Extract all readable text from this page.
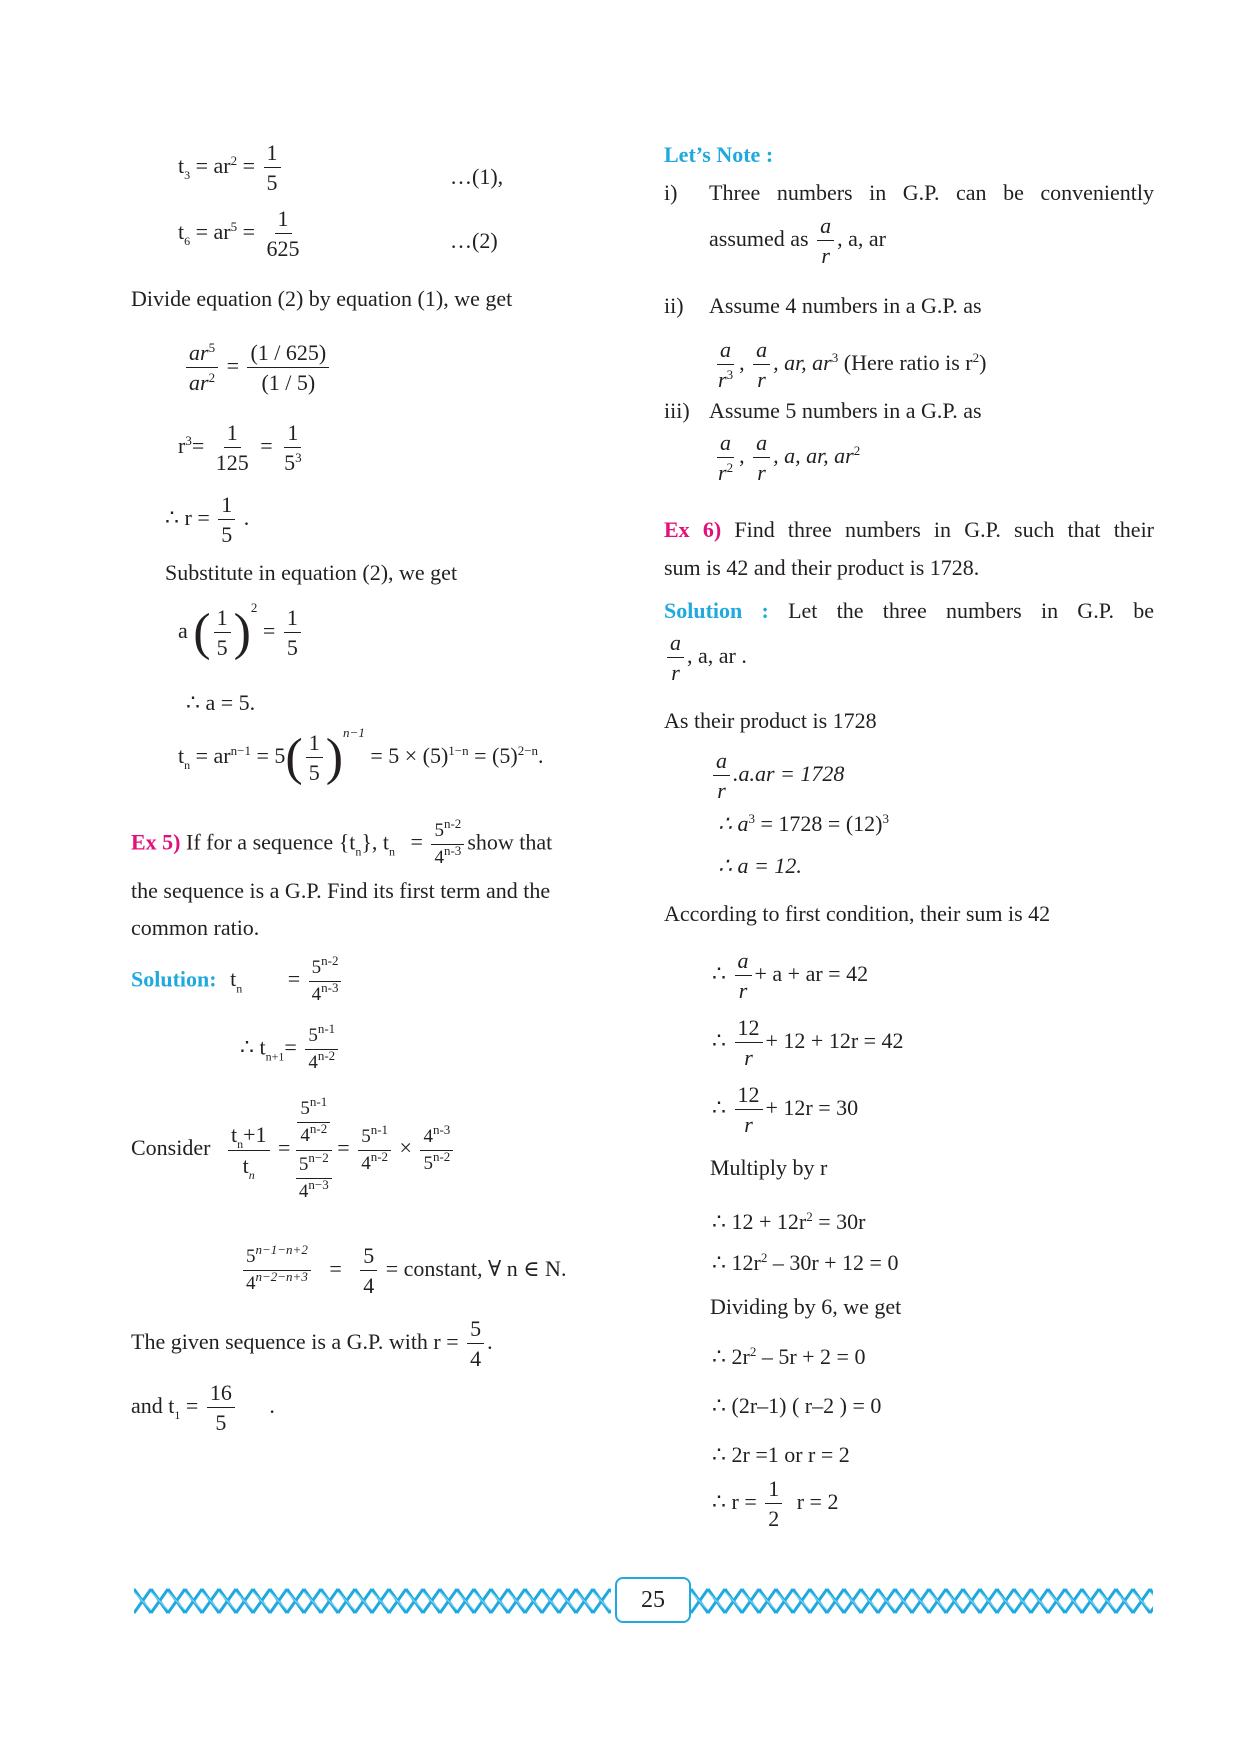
$t_3 = ar^2 = \frac{1}{5}$	…(1),
$t_6 = ar^5 = \frac{1}{625}$	…(2)
Divide equation (2) by equation (1), we get
$\frac{ar^5}{ar^2} = \frac{(1 / 625)}{(1 / 5)}$
$r^3= \frac{1}{125} = \frac{1}{5^3}$
∴ $r = \frac{1}{5}$ .
Substitute in equation (2), we get
a ( $\frac{1}{5} )^2 = \frac{1}{5}$
∴ a = 5.
$t_n = ar^{n-1} = 5( \frac{1}{5} )^{n-1} = 5 \times (5)^{1-n} = (5)^{2-n}$.
Ex 5) If for a sequence $\{t_n\}$, $t_n = \frac{5^{n-2}}{4^{n-3}}$ show that
the sequence is a G.P. Find its first term and the
common ratio.
Solution: $t_n = \frac{5^{n-2}}{4^{n-3}}$
∴ $t_{n+1}= \frac{5^{n-1}}{4^{n-2}}$
Consider $\frac{t_n+1}{t_n} = \frac{\frac{5^{n-1}}{4^{n-2}}}{\frac{5^{n-2}}{4^{n-3}}} = \frac{5^{n-1}}{4^{n-2}} \times \frac{4^{n-3}}{5^{n-2}}$
$\frac{5^{n-1-n+2}}{4^{n-2-n+3}} = \frac{5}{4}$ = constant, ∀ n ∈ N.
The given sequence is a G.P. with $r = \frac{5}{4}$ .
and $t_1 = \frac{16}{5}$ .
Let’s Note :
i) Three numbers in G.P. can be conveniently
assumed as $\frac{a}{r}$ , a, ar
ii) Assume 4 numbers in a G.P. as
$\frac{a}{r^3}$ , $\frac{a}{r}$ , ar, $ar^3$ (Here ratio is $r^2$)
iii) Assume 5 numbers in a G.P. as
$\frac{a}{r^2}$ , $\frac{a}{r}$ , a, ar, $ar^2$
Ex 6) Find three numbers in G.P. such that their
sum is 42 and their product is 1728.
Solution : Let the three numbers in G.P. be
$\frac{a}{r}$ , a, ar .
As their product is 1728
$\frac{a}{r} .a.ar = 1728$
∴ $a^3 = 1728 = (12)^3$
∴ a = 12.
According to first condition, their sum is 42
∴ $\frac{a}{r} + a$ + ar = 42
∴ $\frac{12}{r} + 12 + 12r = 42$
∴ $\frac{12}{r} + 12r = 30$
Multiply by r
∴ $12 + 12r^2 = 30r$
∴ $12r^2 - 30r + 12 = 0$
Dividing by 6, we get
∴ $2r^2 - 5r + 2 = 0$
∴ (2r–1) ( r–2 ) = 0
∴ 2r =1 or r = 2
∴ $r = \frac{1}{2}$ r = 2
25
